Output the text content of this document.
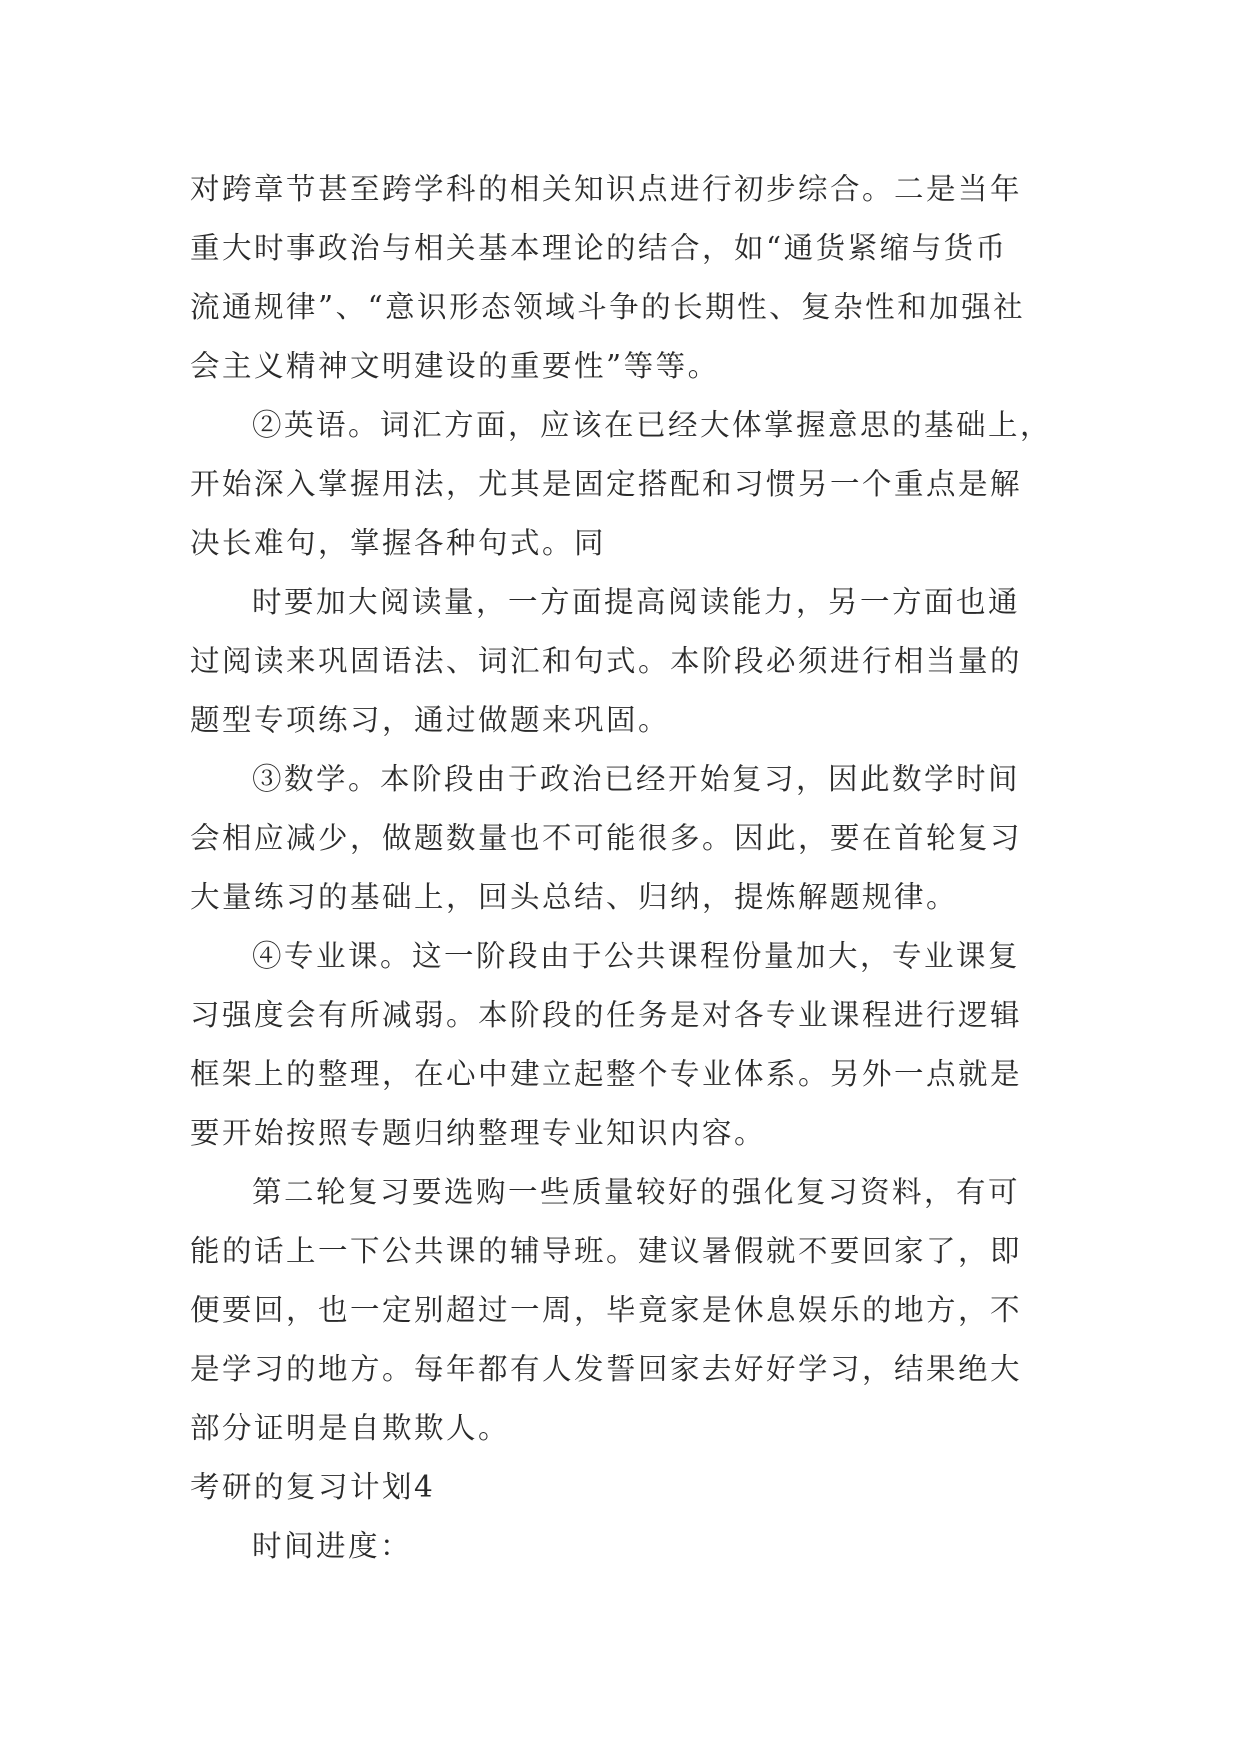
对跨章节甚至跨学科的相关知识点进行初步综合。二是当年
重大时事政治与相关基本理论的结合，如“通货紧缩与货币
流通规律”、“意识形态领域斗争的长期性、复杂性和加强社
会主义精神文明建设的重要性”等等。
②英语。词汇方面，应该在已经大体掌握意思的基础上，
开始深入掌握用法，尤其是固定搭配和习惯另一个重点是解
决长难句，掌握各种句式。同
时要加大阅读量，一方面提高阅读能力，另一方面也通
过阅读来巩固语法、词汇和句式。本阶段必须进行相当量的
题型专项练习，通过做题来巩固。
③数学。本阶段由于政治已经开始复习，因此数学时间
会相应减少，做题数量也不可能很多。因此，要在首轮复习
大量练习的基础上，回头总结、归纳，提炼解题规律。
④专业课。这一阶段由于公共课程份量加大，专业课复
习强度会有所减弱。本阶段的任务是对各专业课程进行逻辑
框架上的整理，在心中建立起整个专业体系。另外一点就是
要开始按照专题归纳整理专业知识内容。
第二轮复习要选购一些质量较好的强化复习资料，有可
能的话上一下公共课的辅导班。建议暑假就不要回家了，即
便要回，也一定别超过一周，毕竟家是休息娱乐的地方，不
是学习的地方。每年都有人发誓回家去好好学习，结果绝大
部分证明是自欺欺人。
考研的复习计划4
时间进度：
